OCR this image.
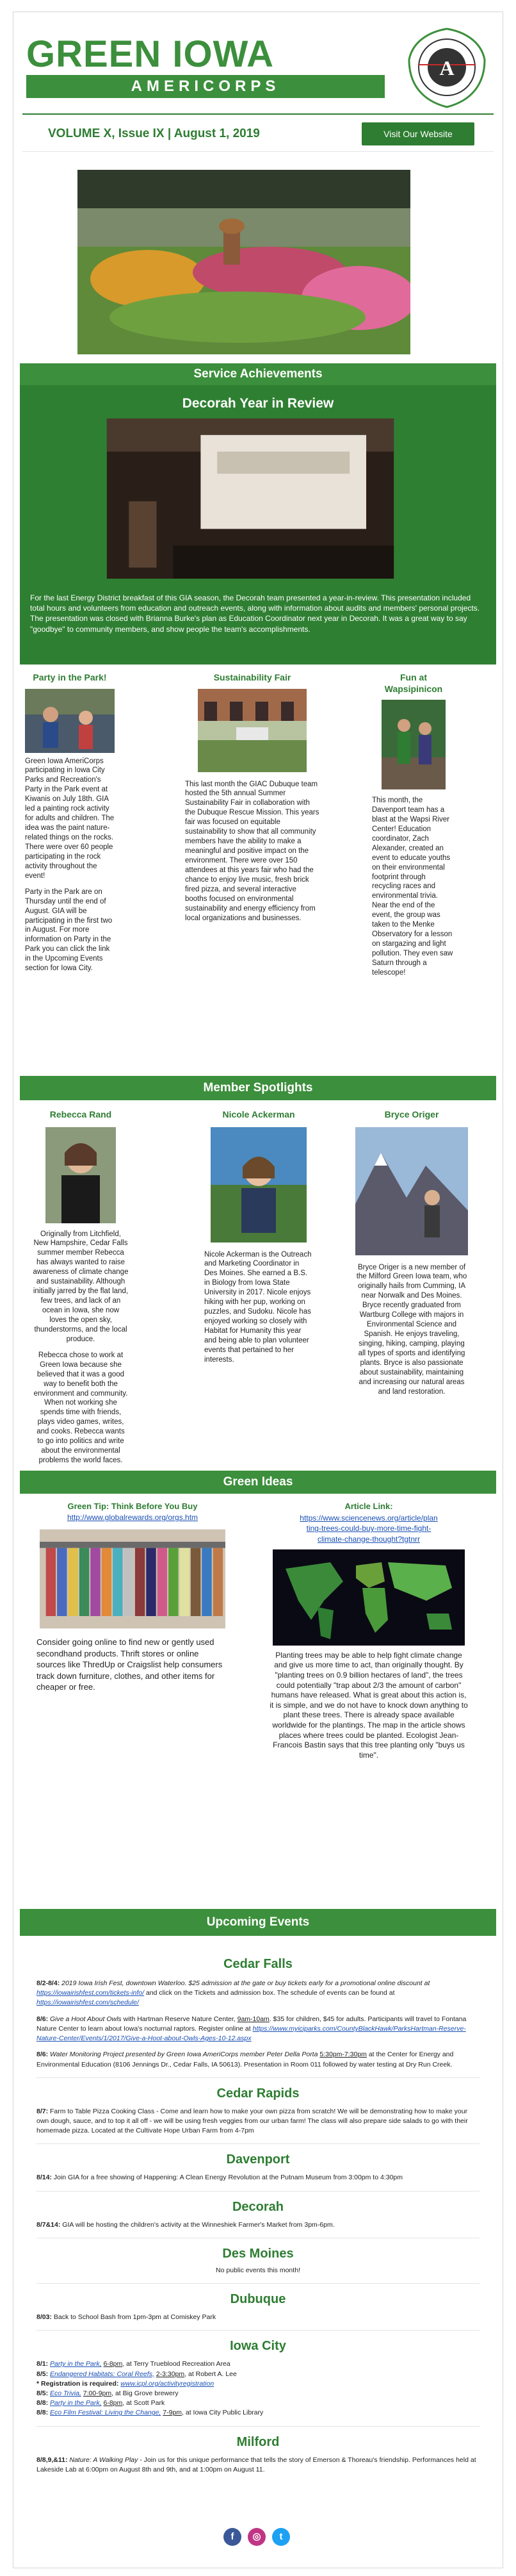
GREEN IOWA
AMERICORPS
A
VOLUME X, Issue IX | August 1, 2019	Visit Our Website
Service Achievements
Decorah Year in Review
For the last Energy District breakfast of this GIA season, the Decorah team presented a year-in-review. This presentation included total hours and volunteers from education and outreach events, along with information about audits and members' personal projects. The presentation was closed with Brianna Burke's plan as Education Coordinator next year in Decorah. It was a great way to say "goodbye" to community members, and show people the team's accomplishments.
Party in the Park!
Green Iowa AmeriCorps participating in Iowa City Parks and Recreation's Party in the Park event at Kiwanis on July 18th. GIA led a painting rock activity for adults and children. The idea was the paint nature-related things on the rocks. There were over 60 people participating in the rock activity throughout the event!
Party in the Park are on Thursday until the end of August. GIA will be participating in the first two in August. For more information on Party in the Park you can click the link in the Upcoming Events section for Iowa City.
Sustainability Fair
This last month the GIAC Dubuque team hosted the 5th annual Summer Sustainability Fair in collaboration with the Dubuque Rescue Mission. This years fair was focused on equitable sustainability to show that all community members have the ability to make a meaningful and positive impact on the environment. There were over 150 attendees at this years fair who had the chance to enjoy live music, fresh brick fired pizza, and several interactive booths focused on environmental sustainability and energy efficiency from local organizations and businesses.
Fun at Wapsipinicon
This month, the Davenport team has a blast at the Wapsi River Center! Education coordinator, Zach Alexander, created an event to educate youths on their environmental footprint through recycling races and environmental trivia. Near the end of the event, the group was taken to the Menke Observatory for a lesson on stargazing and light pollution. They even saw Saturn through a telescope!
Member Spotlights
Rebecca Rand
Originally from Litchfield, New Hampshire, Cedar Falls summer member Rebecca has always wanted to raise awareness of climate change and sustainability. Although initially jarred by the flat land, few trees, and lack of an ocean in Iowa, she now loves the open sky, thunderstorms, and the local produce.
Rebecca chose to work at Green Iowa because she believed that it was a good way to benefit both the environment and community. When not working she spends time with friends, plays video games, writes, and cooks. Rebecca wants to go into politics and write about the environmental problems the world faces.
Nicole Ackerman
Nicole Ackerman is the Outreach and Marketing Coordinator in Des Moines. She earned a B.S. in Biology from Iowa State University in 2017. Nicole enjoys hiking with her pup, working on puzzles, and Sudoku. Nicole has enjoyed working so closely with Habitat for Humanity this year and being able to plan volunteer events that pertained to her interests.
Bryce Origer
Bryce Origer is a new member of the Milford Green Iowa team, who originally hails from Cumming, IA near Norwalk and Des Moines. Bryce recently graduated from Wartburg College with majors in Environmental Science and Spanish. He enjoys traveling, singing, hiking, camping, playing all types of sports and identifying plants. Bryce is also passionate about sustainability, maintaining and increasing our natural areas and land restoration.
Green Ideas
Green Tip: Think Before You Buy
http://www.globalrewards.org/orgs.htm
Consider going online to find new or gently used secondhand products. Thrift stores or online sources like ThredUp or Craigslist help consumers track down furniture, clothes, and other items for cheaper or free.
Article Link:
https://www.sciencenews.org/article/plan
ting-trees-could-buy-more-time-fight-
climate-change-thought?tgtnrr
Planting trees may be able to help fight climate change and give us more time to act, than originally thought. By "planting trees on 0.9 billion hectares of land", the trees could potentially "trap about 2/3 the amount of carbon" humans have released. What is great about this action is, it is simple, and we do not have to knock down anything to plant these trees. There is already space available worldwide for the plantings. The map in the article shows places where trees could be planted. Ecologist Jean-Francois Bastin says that this tree planting only "buys us time".
Upcoming Events
Cedar Falls
8/2-8/4: 2019 Iowa Irish Fest, downtown Waterloo. $25 admission at the gate or buy tickets early for a promotional online discount at https://iowairishfest.com/tickets-info/ and click on the Tickets and admission box. The schedule of events can be found at https://iowairishfest.com/schedule/
8/6: Give a Hoot About Owls with Hartman Reserve Nature Center, 9am-10am. $35 for children, $45 for adults. Participants will travel to Fontana Nature Center to learn about Iowa's nocturnal raptors. Register online at https://www.myiciparks.com/CountyBlackHawk/ParksHartman-Reserve-Nature-Center/Events/1/2017/Give-a-Hoot-about-Owls-Ages-10-12.aspx
8/6: Water Monitoring Project presented by Green Iowa AmeriCorps member Peter Della Porta 5:30pm-7:30pm at the Center for Energy and Environmental Education (8106 Jennings Dr., Cedar Falls, IA 50613). Presentation in Room 011 followed by water testing at Dry Run Creek.
Cedar Rapids
8/7: Farm to Table Pizza Cooking Class - Come and learn how to make your own pizza from scratch! We will be demonstrating how to make your own dough, sauce, and to top it all off - we will be using fresh veggies from our urban farm! The class will also prepare side salads to go with their homemade pizza. Located at the Cultivate Hope Urban Farm from 4-7pm
Davenport
8/14: Join GIA for a free showing of Happening: A Clean Energy Revolution at the Putnam Museum from 3:00pm to 4:30pm
Decorah
8/7&14: GIA will be hosting the children's activity at the Winneshiek Farmer's Market from 3pm-6pm.
Des Moines
No public events this month!
Dubuque
8/03: Back to School Bash from 1pm-3pm at Comiskey Park
Iowa City
8/1: Party in the Park, 6-8pm, at Terry Trueblood Recreation Area
8/5: Endangered Habitats: Coral Reefs, 2-3:30pm, at Robert A. Lee
* Registration is required: www.icpl.org/activityregistration
8/5: Eco Trivia, 7:00-9pm, at Big Grove brewery
8/8: Party in the Park, 6-8pm, at Scott Park
8/8: Eco Film Festival: Living the Change, 7-9pm, at Iowa City Public Library
Milford
8/8,9,&11: Nature: A Walking Play - Join us for this unique performance that tells the story of Emerson & Thoreau's friendship. Performances held at Lakeside Lab at 6:00pm on August 8th and 9th, and at 1:00pm on August 11.
f	◎	t
